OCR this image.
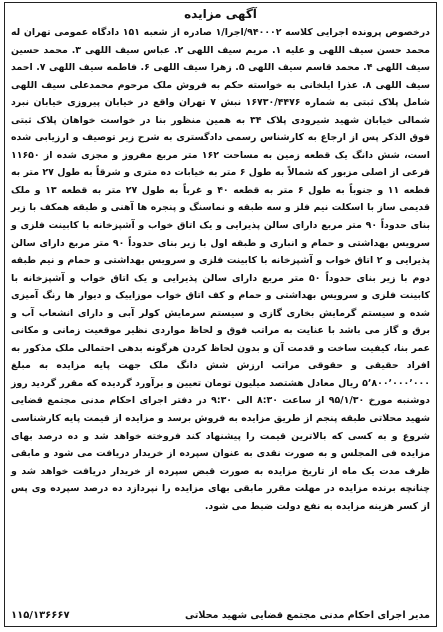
آگهی مزایده

درخصوص پرونده اجرایی کلاسه ۹۴۰۰۰۲/اجرا/۱ صادره از شعبه ۱۵۱ دادگاه عمومی تهران له محمد حسن سیف اللهی و علیه ۱. مریم سیف اللهی ۲. عباس سیف اللهی ۳. محمد حسین سیف اللهی ۴. محمد قاسم سیف اللهی ۵. زهرا سیف اللهی ۶. فاطمه سیف اللهی ۷. احمد سیف اللهی ۸. عذرا ایلخانی به خواسته حکم به فروش ملک مرحوم محمدعلی سیف اللهی شامل پلاک ثبتی به شماره ۱۶۷۳۰/۴۴۷۶ نبش ۷ تهران واقع در خیابان پیروزی خیابان نبرد شمالی خیابان شهید شیرودی پلاک ۳۴ به همین منظور بنا در خواست خواهان پلاک ثبتی فوق الذکر پس از ارجاع به کارشناس رسمی دادگستری به شرح زیر توصیف و ارزیابی شده است، شش دانگ یک قطعه زمین به مساحت ۱۶۲ متر مربع مفروز و مجزی شده از ۱۱۶۵۰ فرعی از اصلی مزبور که شمالاً به طول ۶ متر به خیابات ده متری و شرقاً به طول ۲۷ متر به قطعه ۱۱ و جنوباً به طول ۶ متر به قطعه ۴۰ و غرباً به طول ۲۷ متر به قطعه ۱۳ و ملک قدیمی ساز با اسکلت نیم فلز و سه طبقه و نماسنگ و پنجره ها آهنی و طبقه همکف با زیر بنای حدوداً ۹۰ متر مربع دارای سالن پذیرایی و یک اتاق خواب و آشپزخانه با کابینت فلزی و سرویس بهداشتی و حمام و انباری و طبقه اول با زیر بنای حدوداً ۹۰ متر مربع دارای سالن پذیرایی و ۲ اتاق خواب و آشپزخانه با کابینت فلزی و سرویس بهداشتی و حمام و نیم طبقه دوم با زیر بنای حدوداً ۵۰ متر مربع دارای سالن پذیرایی و یک اتاق خواب و آشپزخانه با کابینت فلزی و سرویس بهداشتی و حمام و کف اتاق خواب موزاییک و دیوار ها رنگ آمیزی شده و سیستم گرمایش بخاری گازی و سیستم سرمایش کولر آبی و دارای انشعاب آب و برق و گاز می باشد با عنایت به مراتب فوق و لحاظ مواردی نظیر موقعیت زمانی و مکانی عمر بنا، کیفیت ساخت و قدمت آن و بدون لحاظ کردن هرگونه بدهی احتمالی ملک مذکور به افراد حقیقی و حقوقی مراتب ارزش شش دانگ ملک جهت پایه مزایده به مبلغ ۵٬۸۰۰٬۰۰۰٬۰۰۰ ریال معادل هشتصد میلیون تومان تعیین و برآورد گردیده که مقرر گردید روز دوشنبه مورخ ۹۵/۱/۳۰ از ساعت ۸:۳۰ الی ۹:۳۰ در دفتر اجرای احکام مدنی مجتمع قضایی شهید محلاتی طبقه پنجم از طریق مزایده به فروش برسد و مزایده از قیمت پایه کارشناسی شروع و به کسی که بالاترین قیمت را پیشنهاد کند فروخته خواهد شد و ده درصد بهای مزایده فی المجلس و به صورت نقدی به عنوان سپرده از خریدار دریافت می شود و مابقی ظرف مدت یک ماه از تاریخ مزایده به صورت قبض سپرده از خریدار دریافت خواهد شد و چنانچه برنده مزایده در مهلت مقرر مابقی بهای مزایده را نپردازد ده درصد سپرده وی پس از کسر هزینه مزایده به نفع دولت ضبط می شود.

مدیر اجرای احکام مدنی مجتمع قضایی شهید محلاتی
۱۱۵/۱۳۶۶۶۷
